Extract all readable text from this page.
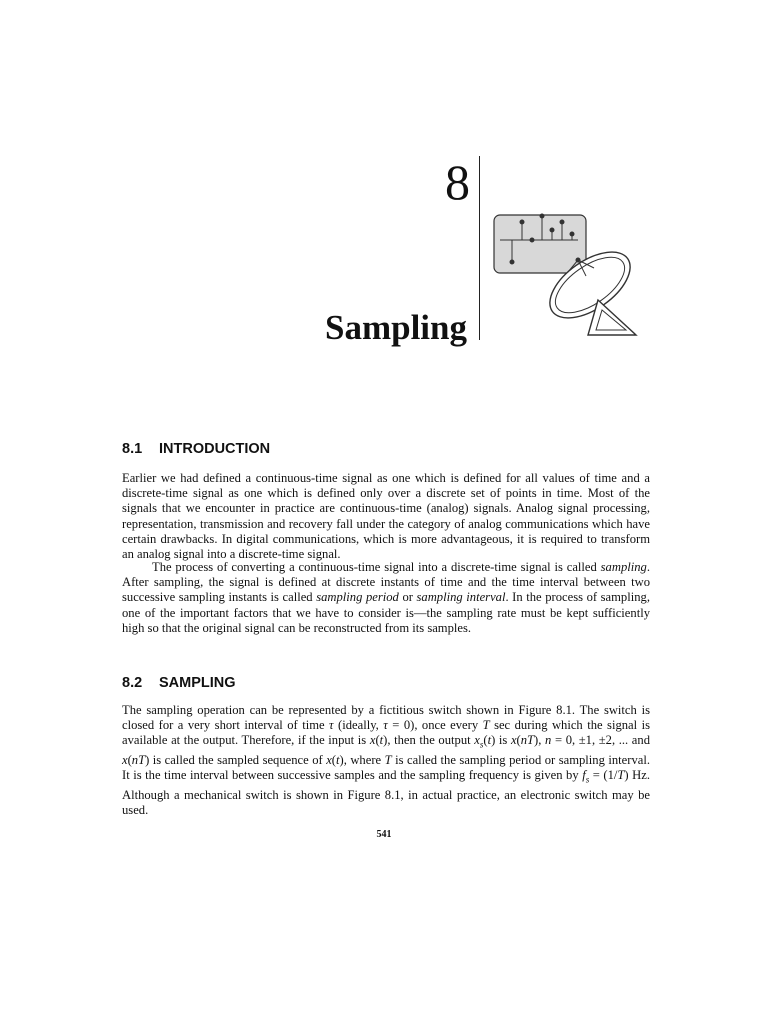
8
Sampling
8.1 INTRODUCTION

Earlier we had defined a continuous-time signal as one which is defined for all values of time and a discrete-time signal as one which is defined only over a discrete set of points in time. Most of the signals that we encounter in practice are continuous-time (analog) signals. Analog signal processing, representation, transmission and recovery fall under the category of analog communications which have certain drawbacks. In digital communications, which is more advantageous, it is required to transform an analog signal into a discrete-time signal.

The process of converting a continuous-time signal into a discrete-time signal is called sampling. After sampling, the signal is defined at discrete instants of time and the time interval between two successive sampling instants is called sampling period or sampling interval. In the process of sampling, one of the important factors that we have to consider is—the sampling rate must be kept sufficiently high so that the original signal can be reconstructed from its samples.

8.2 SAMPLING

The sampling operation can be represented by a fictitious switch shown in Figure 8.1. The switch is closed for a very short interval of time τ (ideally, τ = 0), once every T sec during which the signal is available at the output. Therefore, if the input is x(t), then the output $x_s(t)$ is x(nT), n = 0, ±1, ±2, ... and x(nT) is called the sampled sequence of x(t), where T is called the sampling period or sampling interval. It is the time interval between successive samples and the sampling frequency is given by $f_s = (1/T)$ Hz. Although a mechanical switch is shown in Figure 8.1, in actual practice, an electronic switch may be used.

541
